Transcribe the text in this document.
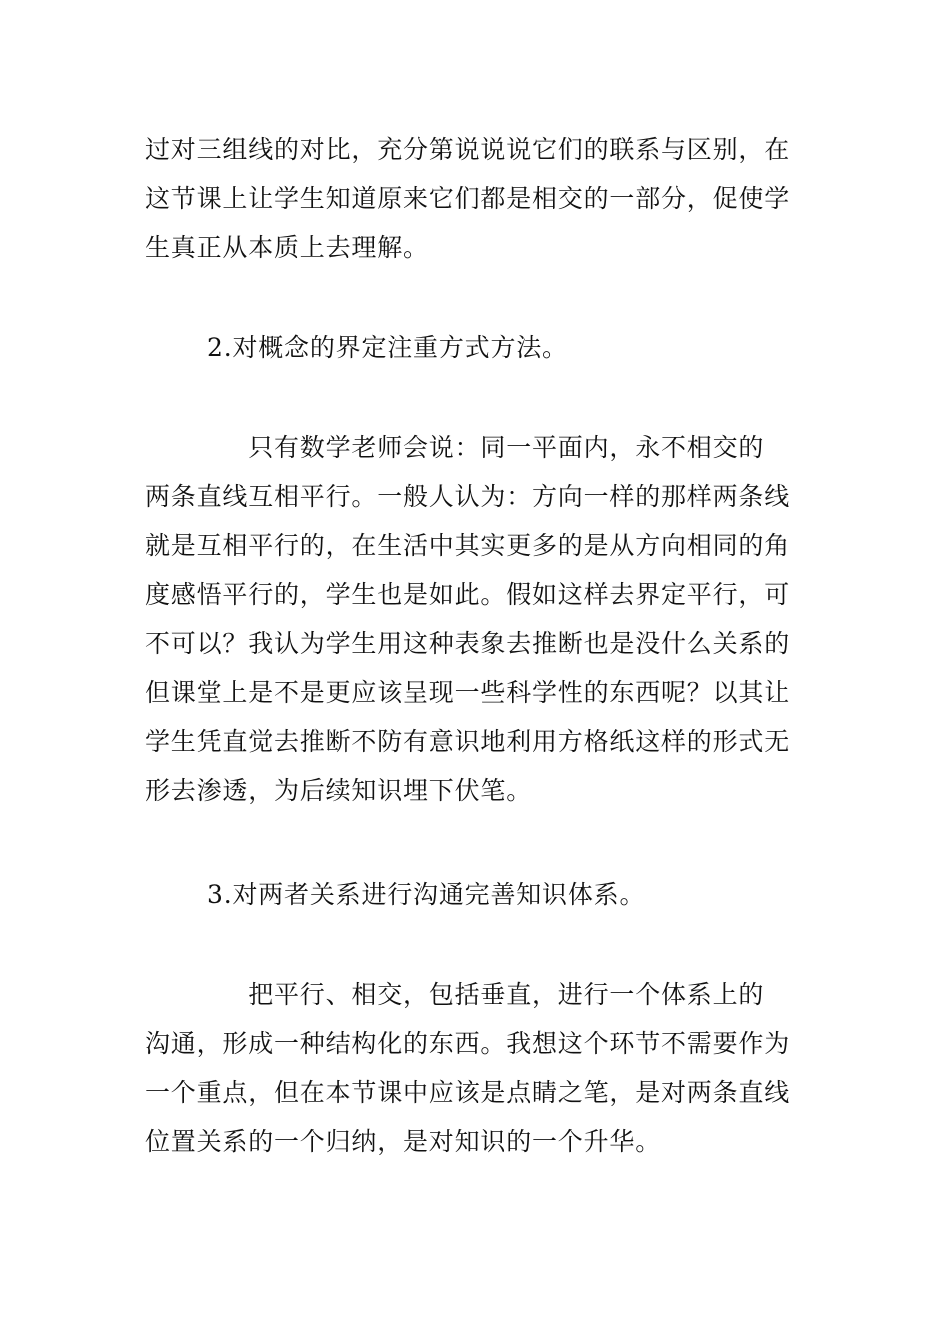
过对三组线的对比，充分第说说说它们的联系与区别，在
这节课上让学生知道原来它们都是相交的一部分，促使学
生真正从本质上去理解。
2.对概念的界定注重方式方法。
　　　　只有数学老师会说：同一平面内，永不相交的
两条直线互相平行。一般人认为：方向一样的那样两条线
就是互相平行的，在生活中其实更多的是从方向相同的角
度感悟平行的，学生也是如此。假如这样去界定平行，可
不可以？我认为学生用这种表象去推断也是没什么关系的
但课堂上是不是更应该呈现一些科学性的东西呢？以其让
学生凭直觉去推断不防有意识地利用方格纸这样的形式无
形去渗透，为后续知识埋下伏笔。
3.对两者关系进行沟通完善知识体系。
　　　　把平行、相交，包括垂直，进行一个体系上的
沟通，形成一种结构化的东西。我想这个环节不需要作为
一个重点，但在本节课中应该是点睛之笔，是对两条直线
位置关系的一个归纳，是对知识的一个升华。
